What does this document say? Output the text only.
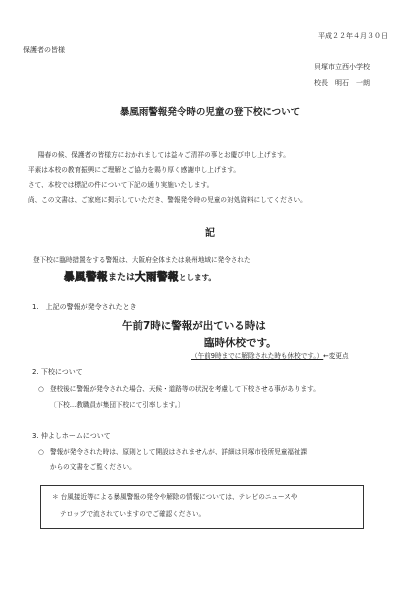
平成２２年４月３０日
保護者の皆様
貝塚市立西小学校
校長　明石　一朗
暴風雨警報発令時の児童の登下校について
陽春の候、保護者の皆様方におかれましては益々ご清祥の事とお慶び申し上げます。
平素は本校の教育振興にご理解とご協力を賜り厚く感謝申し上げます。
さて、本校では標記の件について下記の通り実施いたします。
尚、この文書は、ご家庭に掲示していただき、警報発令時の児童の対処資料にしてください。
記
登下校に臨時措置をする警報は、大阪府全体または泉州地域に発令された
暴風警報または大雨警報とします。
1.　上記の警報が発令されたとき
午前7時に警報が出ている時は
臨時休校です。
（午前9時までに解除された時も休校です。）←変更点
2. 下校について
○ 登校後に警報が発令された場合、天候・道路等の状況を考慮して下校させる事があります。
〔下校…教職員が集団下校にて引率します。〕
3. 仲よしホームについて
○ 警報が発令された時は、原則として開設はされませんが、詳細は貝塚市役所児童福祉課
からの文書をご覧ください。
＊ 台風接近等による暴風警報の発令や解除の情報については、テレビのニュースや
テロップで流されていますのでご確認ください。
